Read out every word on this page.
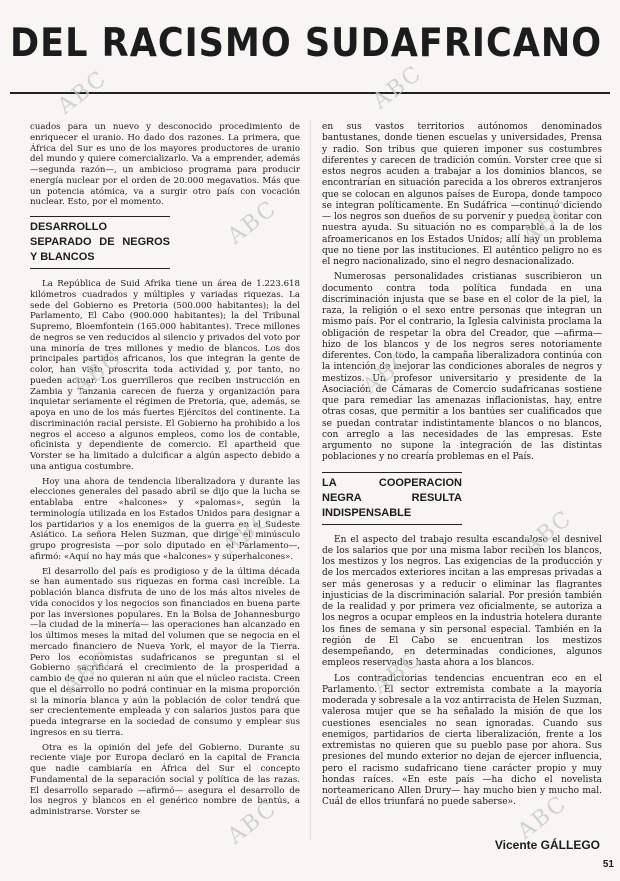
DEL RACISMO SUDAFRICANO

cuados para un nuevo y desconocido procedimiento de enriquecer el uranio. Ho dado dos razones. La primera, que África del Sur es uno de los mayores productores de uranio del mundo y quiere comercializarlo. Va a emprender, además —segunda razón—, un ambicioso programa para producir energía nuclear por el orden de 20.000 megavatios. Más que un potencia atómica, va a surgir otro país con vocación nuclear. Esto, por el momento.

DESARROLLO SEPARADO DE NEGROS Y BLANCOS

La República de Suid Afrika tiene un área de 1.223.618 kilómetros cuadrados y múltiples y variadas riquezas. La sede del Gobierno es Pretoria (500.000 habitantes); la del Parlamento, El Cabo (900.000 habitantes); la del Tribunal Supremo, Bloemfontein (165.000 habitantes). Trece millones de negros se ven reducidos al silencio y privados del voto por una minoría de tres millones y medio de blancos. Los dos principales partidos africanos, los que integran la gente de color, han visto proscrita toda actividad y, por tanto, no pueden actuar. Los guerrilleros que reciben instrucción en Zambia y Tanzania carecen de fuerza y organización para inquietar seriamente el régimen de Pretoria, que, además, se apoya en uno de los más fuertes Ejércitos del continente. La discriminación racial persiste. El Gobierno ha prohibido a los negros el acceso a algunos empleos, como los de contable, oficinista y dependiente de comercio. El apartheid que Vorster se ha limitado a dulcificar a algún aspecto debido a una antigua costumbre.

Hoy una ahora de tendencia liberalizadora y durante las elecciones generales del pasado abril se dijo que la lucha se entablaba entre «halcones» y «palomas», según la terminología utilizada en los Estados Unidos para designar a los partidarios y a los enemigos de la guerra en el Sudeste Asiático. La señora Helen Suzman, que dirige el minúsculo grupo progresista —por solo diputado en el Parlamento—, afirmó: «Aquí no hay más que «halcones» y superhalcones».

El desarrollo del país es prodigioso y de la última década se han aumentado sus riquezas en forma casi increíble. La población blanca disfruta de uno de los más altos niveles de vida conocidos y los negocios son financiados en buena parte por las inversiones populares. En la Bolsa de Johannesburgo —la ciudad de la minería— las operaciones han alcanzado en los últimos meses la mitad del volumen que se negocia en el mercado financiero de Nueva York, el mayor de la Tierra. Pero los economistas sudafricanos se preguntan si el Gobierno sacrificará el crecimiento de la prosperidad a cambio de que no quieran ni aún que el núcleo racista. Creen que el desarrollo no podrá continuar en la misma proporción si la minoría blanca y aún la población de color tendrá que ser crecientemente empleada y con salarios justos para que pueda integrarse en la sociedad de consumo y emplear sus ingresos en su tierra.

Otra es la opinión del jefe del Gobierno. Durante su reciente viaje por Europa declaró en la capital de Francia que nadie cambiaría en África del Sur el concepto Fundamental de la separación social y política de las razas. El desarrollo separado —afirmó— asegura el desarrollo de los negros y blancos en el genérico nombre de bantús, a administrarse. Vorster se

en sus vastos territorios autónomos denominados bantustanes, donde tienen escuelas y universidades, Prensa y radio. Son tribus que quieren imponer sus costumbres diferentes y carecen de tradición común. Vorster cree que si estos negros acuden a trabajar a los dominios blancos, se encontrarían en situación parecida a los obreros extranjeros que se colocan en algunos países de Europa, donde tampoco se integran políticamente. En Sudáfrica —continuó diciendo— los negros son dueños de su porvenir y pueden contar con nuestra ayuda. Su situación no es comparable a la de los afroamericanos en los Estados Unidos; allí hay un problema que no tiene por las instituciones. El auténtico peligro no es el negro nacionalizado, sino el negro desnacionalizado.

Numerosas personalidades cristianas suscribieron un documento contra toda política fundada en una discriminación injusta que se base en el color de la piel, la raza, la religión o el sexo entre personas que integran un mismo país. Por el contrario, la Iglesia calvinista proclama la obligación de respetar la obra del Creador, que —afirma— hizo de los blancos y de los negros seres notoriamente diferentes. Con todo, la campaña liberalizadora continúa con la intención de mejorar las condiciones aborales de negros y mestizos. Un profesor universitario y presidente de la Asociación de Cámaras de Comercio sudafricanas sostiene que para remediar las amenazas inflacionistas, hay, entre otras cosas, que permitir a los bantúes ser cualificados que se puedan contratar indistintamente blancos o no blancos, con arreglo a las necesidades de las empresas. Este argumento no supone la integración de las distintas poblaciones y no crearía problemas en el País.

LA COOPERACION NEGRA RESULTA INDISPENSABLE

En el aspecto del trabajo resulta escandaloso el desnivel de los salarios que por una misma labor reciben los blancos, los mestizos y los negros. Las exigencias de la producción y de los mercados exteriores incitan a las empresas privadas a ser más generosas y a reducir o eliminar las flagrantes injusticias de la discriminación salarial. Por presión también de la realidad y por primera vez oficialmente, se autoriza a los negros a ocupar empleos en la industria hotelera durante los fines de semana y sin personal especial. También en la región de El Cabo se encuentran los mestizos desempeñando, en determinadas condiciones, algunos empleos reservados hasta ahora a los blancos.

Los contradictorias tendencias encuentran eco en el Parlamento. El sector extremista combate a la mayoría moderada y sobresale a la voz antirracista de Helen Suzman, valerosa mujer que se ha señalado la misión de que los cuestiones esenciales no sean ignoradas. Cuando sus enemigos, partidarios de cierta liberalización, frente a los extremistas no quieren que su pueblo pase por ahora. Sus presiones del mundo exterior no dejan de ejercer influencia, pero el racismo sudafricano tiene carácter propio y muy hondas raíces. «En este país —ha dicho el novelista norteamericano Allen Drury— hay mucho bien y mucho mal. Cuál de ellos triunfará no puede saberse».

Vicente GÁLLEGO
51
ABC	ABC
ABC	ABC
ABC	ABC
ABC	ABC
ABC	ABC
ABC	ABC
